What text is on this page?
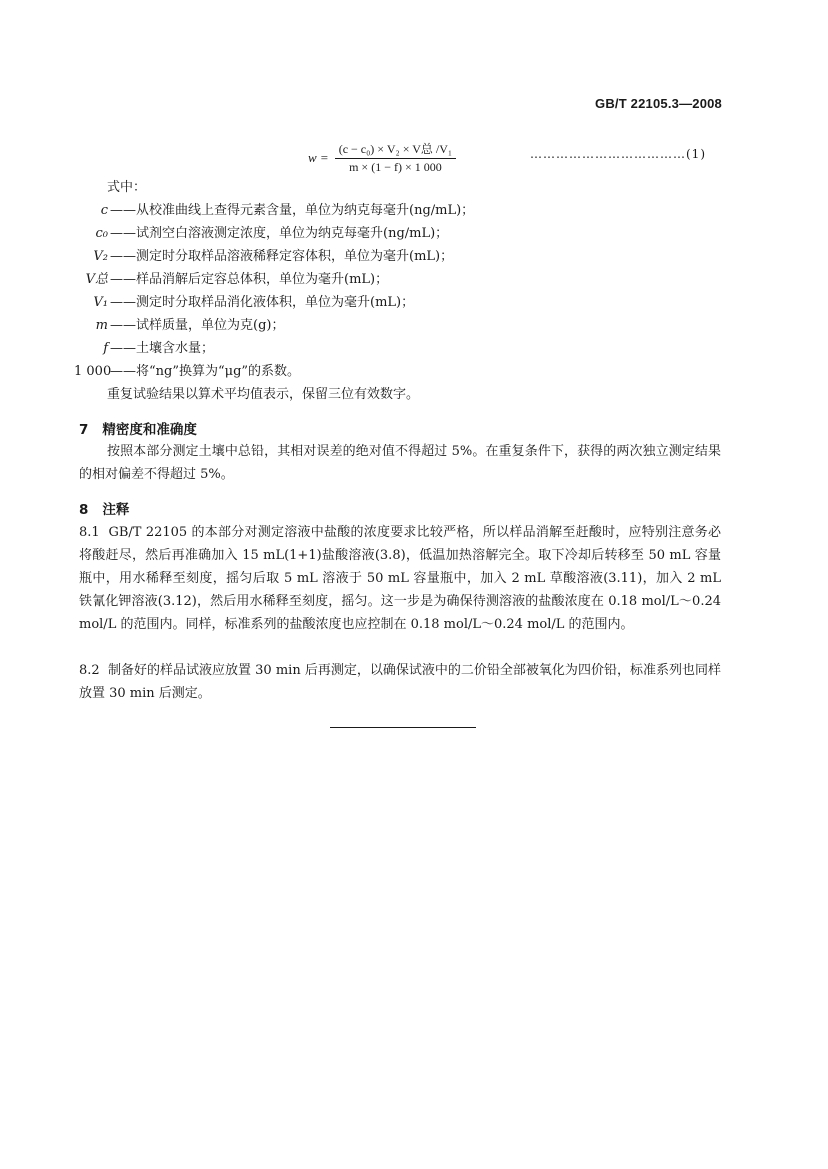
GB/T 22105.3—2008
$w = \frac{\text{(c − c₀) × V₂ × V总 /V₁}}{m \times (1 - f) \times 1 000}$	………………………………(1)
式中：
c ——从校准曲线上查得元素含量，单位为纳克每毫升(ng/mL)；
c₀ ——试剂空白溶液测定浓度，单位为纳克每毫升(ng/mL)；
V₂ ——测定时分取样品溶液稀释定容体积，单位为毫升(mL)；
V总 ——样品消解后定容总体积，单位为毫升(mL)；
V₁ ——测定时分取样品消化液体积，单位为毫升(mL)；
m ——试样质量，单位为克(g)；
f ——土壤含水量；
1 000——将“ng”换算为“μg”的系数。
重复试验结果以算术平均值表示，保留三位有效数字。
7 精密度和准确度
按照本部分测定土壤中总铅，其相对误差的绝对值不得超过 5%。在重复条件下，获得的两次独立测定结果的相对偏差不得超过 5%。
8 注释
8.1 GB/T 22105 的本部分对测定溶液中盐酸的浓度要求比较严格，所以样品消解至赶酸时，应特别注意务必将酸赶尽，然后再准确加入 15 mL(1+1)盐酸溶液(3.8)，低温加热溶解完全。取下冷却后转移至 50 mL 容量瓶中，用水稀释至刻度，摇匀后取 5 mL 溶液于 50 mL 容量瓶中，加入 2 mL 草酸溶液(3.11)，加入 2 mL 铁氰化钾溶液(3.12)，然后用水稀释至刻度，摇匀。这一步是为确保待测溶液的盐酸浓度在 0.18 mol/L～0.24 mol/L 的范围内。同样，标准系列的盐酸浓度也应控制在 0.18 mol/L～0.24 mol/L 的范围内。
8.2 制备好的样品试液应放置 30 min 后再测定，以确保试液中的二价铅全部被氧化为四价铅，标准系列也同样放置 30 min 后测定。
